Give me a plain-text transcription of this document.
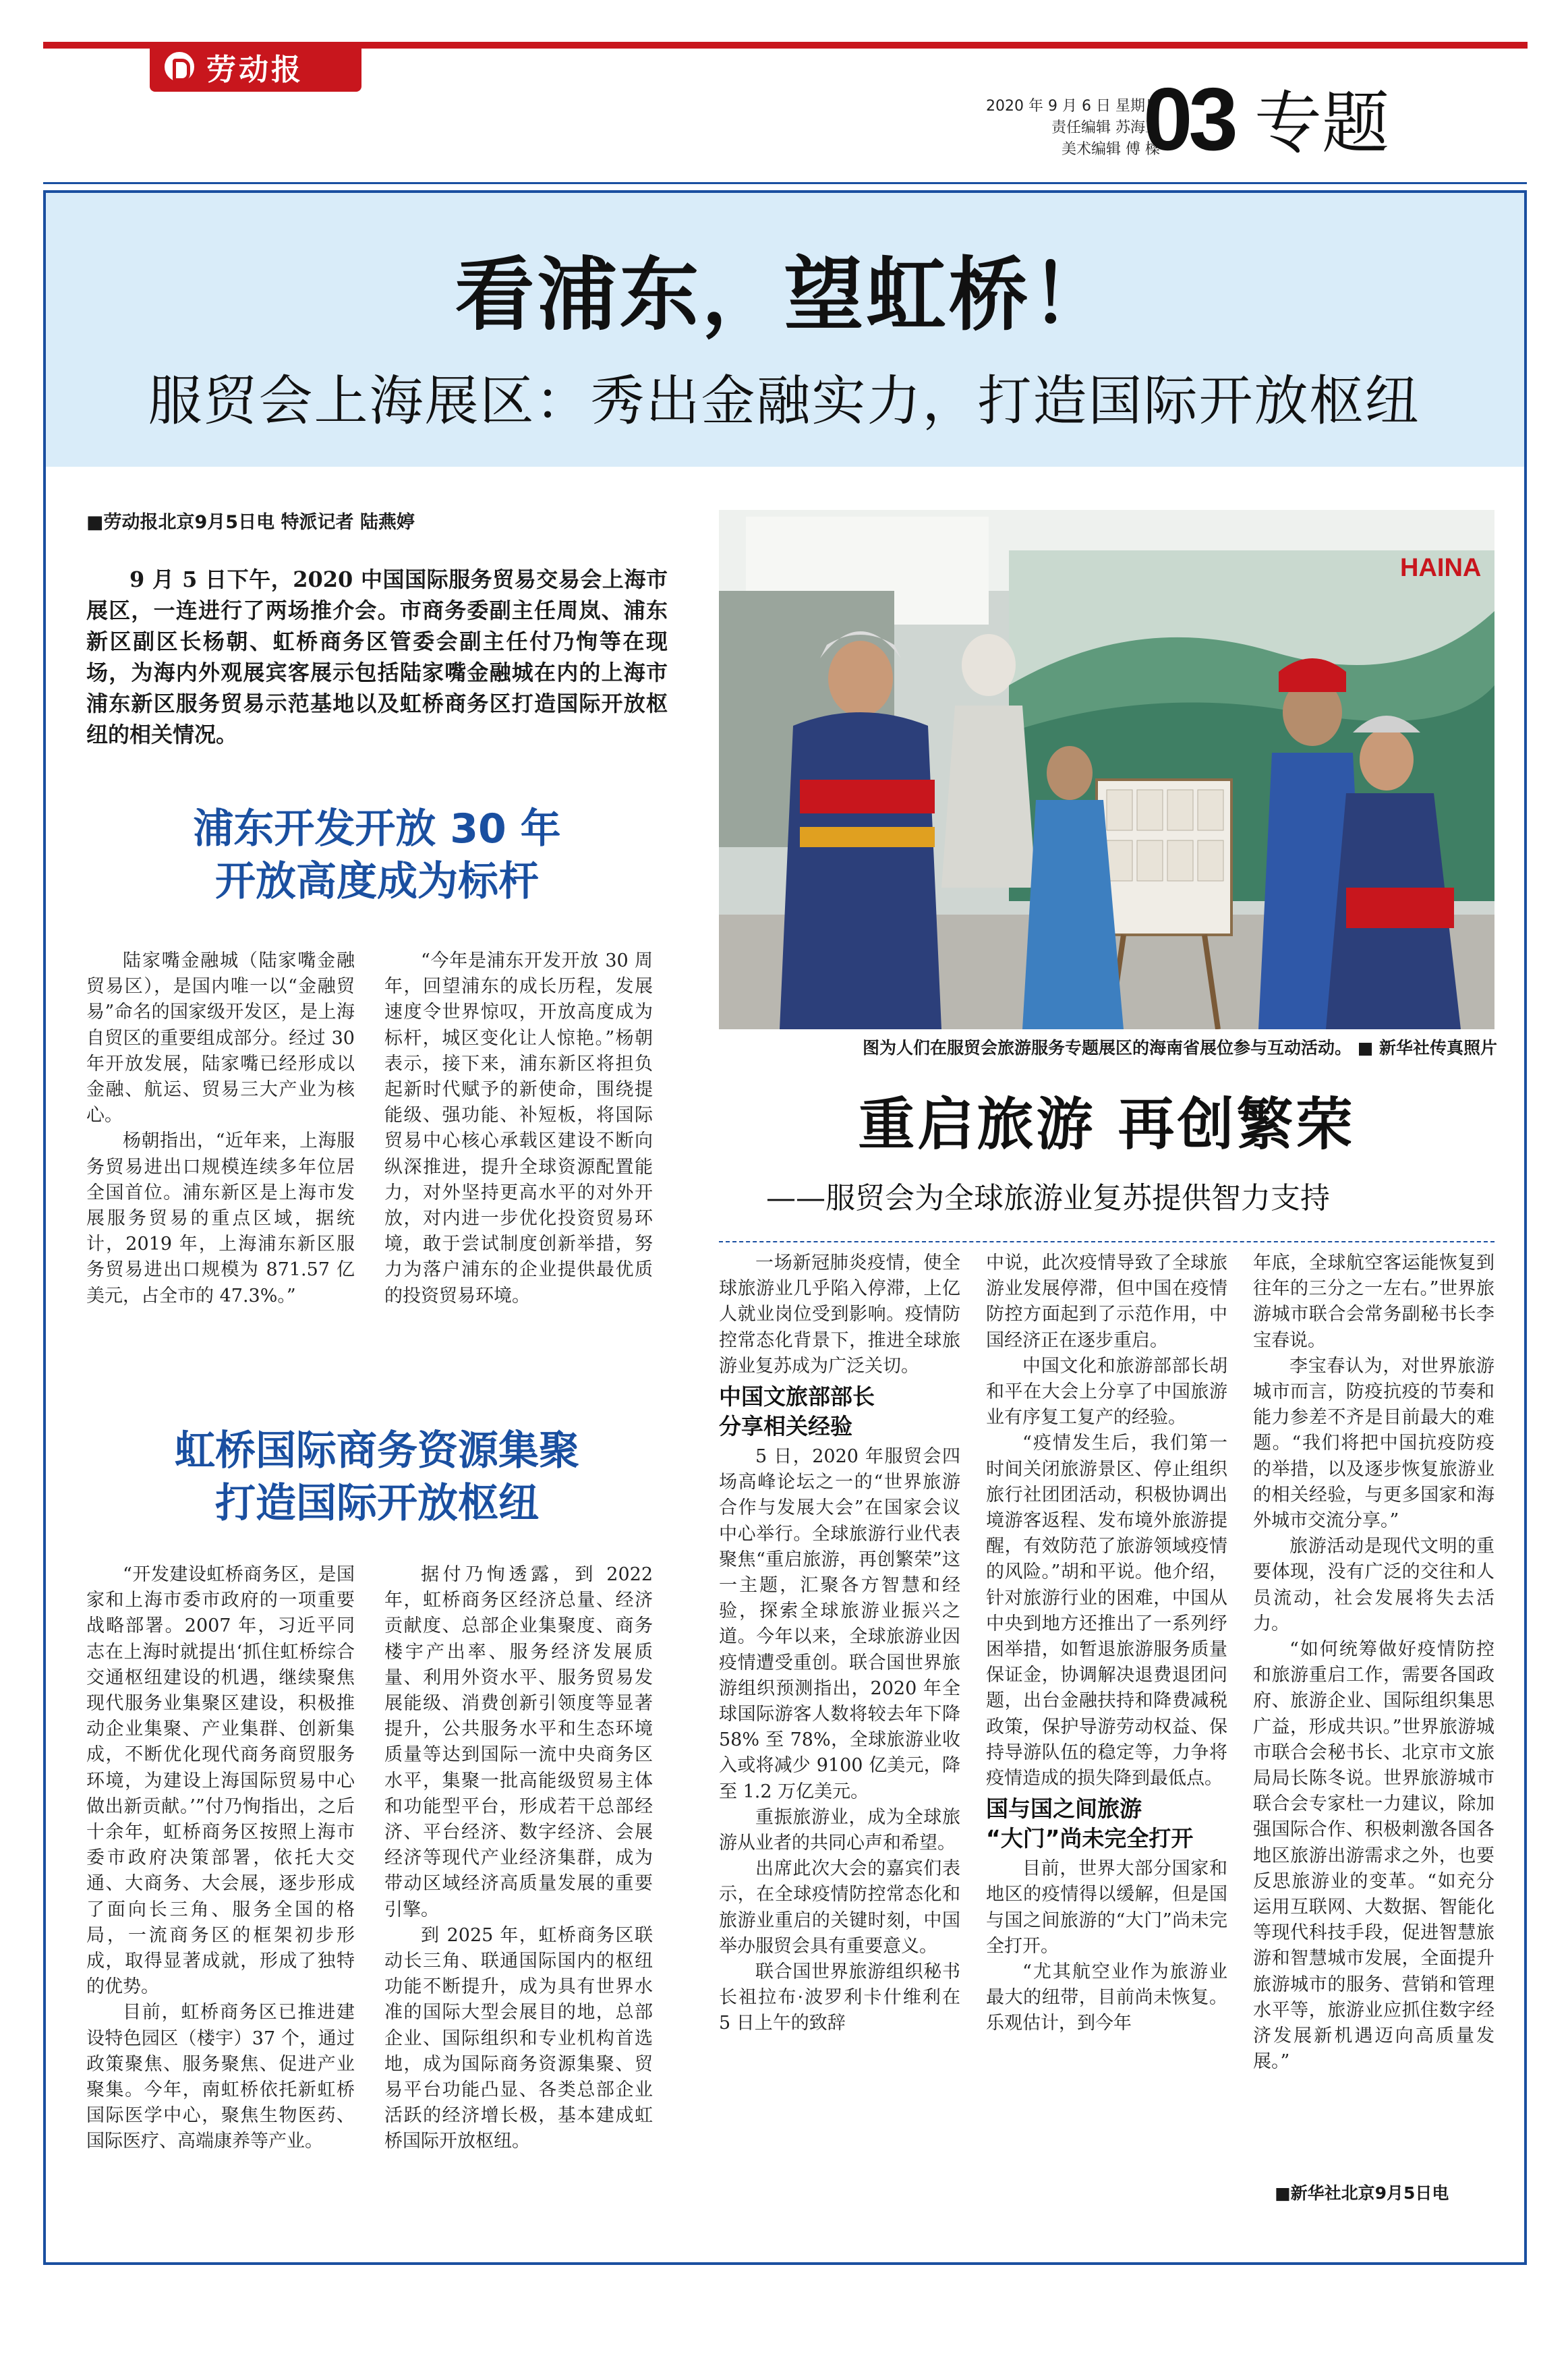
劳动报
2020 年 9 月 6 日 星期日
责任编辑 苏海亚
美术编辑 傅 樑
03 专题
看浦东，望虹桥！
服贸会上海展区：秀出金融实力，打造国际开放枢纽
■劳动报北京9月5日电 特派记者 陆燕婷

9 月 5 日下午，2020 中国国际服务贸易交易会上海市展区，一连进行了两场推介会。市商务委副主任周岚、浦东新区副区长杨朝、虹桥商务区管委会副主任付乃恂等在现场，为海内外观展宾客展示包括陆家嘴金融城在内的上海市浦东新区服务贸易示范基地以及虹桥商务区打造国际开放枢纽的相关情况。

浦东开发开放 30 年
开放高度成为标杆

陆家嘴金融城（陆家嘴金融贸易区），是国内唯一以“金融贸易”命名的国家级开发区，是上海自贸区的重要组成部分。经过 30 年开放发展，陆家嘴已经形成以金融、航运、贸易三大产业为核心。

杨朝指出，“近年来，上海服务贸易进出口规模连续多年位居全国首位。浦东新区是上海市发展服务贸易的重点区域，据统计，2019 年，上海浦东新区服务贸易进出口规模为 871.57 亿美元，占全市的 47.3%。”

“今年是浦东开发开放 30 周年，回望浦东的成长历程，发展速度令世界惊叹，开放高度成为标杆，城区变化让人惊艳。”杨朝表示，接下来，浦东新区将担负起新时代赋予的新使命，围绕提能级、强功能、补短板，将国际贸易中心核心承载区建设不断向纵深推进，提升全球资源配置能力，对外坚持更高水平的对外开放，对内进一步优化投资贸易环境，敢于尝试制度创新举措，努力为落户浦东的企业提供最优质的投资贸易环境。

虹桥国际商务资源集聚
打造国际开放枢纽

“开发建设虹桥商务区，是国家和上海市委市政府的一项重要战略部署。2007 年，习近平同志在上海时就提出‘抓住虹桥综合交通枢纽建设的机遇，继续聚焦现代服务业集聚区建设，积极推动企业集聚、产业集群、创新集成，不断优化现代商务商贸服务环境，为建设上海国际贸易中心做出新贡献。’”付乃恂指出，之后十余年，虹桥商务区按照上海市委市政府决策部署，依托大交通、大商务、大会展，逐步形成了面向长三角、服务全国的格局，一流商务区的框架初步形成，取得显著成就，形成了独特的优势。

目前，虹桥商务区已推进建设特色园区（楼宇）37 个，通过政策聚焦、服务聚焦、促进产业聚集。今年，南虹桥依托新虹桥国际医学中心，聚焦生物医药、国际医疗、高端康养等产业。

据付乃恂透露，到 2022 年，虹桥商务区经济总量、经济贡献度、总部企业集聚度、商务楼宇产出率、服务经济发展质量、利用外资水平、服务贸易发展能级、消费创新引领度等显著提升，公共服务水平和生态环境质量等达到国际一流中央商务区水平，集聚一批高能级贸易主体和功能型平台，形成若干总部经济、平台经济、数字经济、会展经济等现代产业经济集群，成为带动区域经济高质量发展的重要引擎。

到 2025 年，虹桥商务区联动长三角、联通国际国内的枢纽功能不断提升，成为具有世界水准的国际大型会展目的地，总部企业、国际组织和专业机构首选地，成为国际商务资源集聚、贸易平台功能凸显、各类总部企业活跃的经济增长极，基本建成虹桥国际开放枢纽。

HAINA
图为人们在服贸会旅游服务专题展区的海南省展位参与互动活动。 ■ 新华社传真照片
重启旅游 再创繁荣
——服贸会为全球旅游业复苏提供智力支持

一场新冠肺炎疫情，使全球旅游业几乎陷入停滞，上亿人就业岗位受到影响。疫情防控常态化背景下，推进全球旅游业复苏成为广泛关切。

中国文旅部部长
分享相关经验

5 日，2020 年服贸会四场高峰论坛之一的“世界旅游合作与发展大会”在国家会议中心举行。全球旅游行业代表聚焦“重启旅游，再创繁荣”这一主题，汇聚各方智慧和经验，探索全球旅游业振兴之道。今年以来，全球旅游业因疫情遭受重创。联合国世界旅游组织预测指出，2020 年全球国际游客人数将较去年下降 58% 至 78%，全球旅游业收入或将减少 9100 亿美元，降至 1.2 万亿美元。

重振旅游业，成为全球旅游从业者的共同心声和希望。

出席此次大会的嘉宾们表示，在全球疫情防控常态化和旅游业重启的关键时刻，中国举办服贸会具有重要意义。

联合国世界旅游组织秘书长祖拉布·波罗利卡什维利在 5 日上午的致辞

中说，此次疫情导致了全球旅游业发展停滞，但中国在疫情防控方面起到了示范作用，中国经济正在逐步重启。

中国文化和旅游部部长胡和平在大会上分享了中国旅游业有序复工复产的经验。

“疫情发生后，我们第一时间关闭旅游景区、停止组织旅行社团团活动，积极协调出境游客返程、发布境外旅游提醒，有效防范了旅游领域疫情的风险。”胡和平说。他介绍，针对旅游行业的困难，中国从中央到地方还推出了一系列纾困举措，如暂退旅游服务质量保证金，协调解决退费退团问题，出台金融扶持和降费减税政策，保护导游劳动权益、保持导游队伍的稳定等，力争将疫情造成的损失降到最低点。

国与国之间旅游
“大门”尚未完全打开

目前，世界大部分国家和地区的疫情得以缓解，但是国与国之间旅游的“大门”尚未完全打开。

“尤其航空业作为旅游业最大的纽带，目前尚未恢复。乐观估计，到今年

年底，全球航空客运能恢复到往年的三分之一左右。”世界旅游城市联合会常务副秘书长李宝春说。

李宝春认为，对世界旅游城市而言，防疫抗疫的节奏和能力参差不齐是目前最大的难题。“我们将把中国抗疫防疫的举措，以及逐步恢复旅游业的相关经验，与更多国家和海外城市交流分享。”

旅游活动是现代文明的重要体现，没有广泛的交往和人员流动，社会发展将失去活力。

“如何统筹做好疫情防控和旅游重启工作，需要各国政府、旅游企业、国际组织集思广益，形成共识。”世界旅游城市联合会秘书长、北京市文旅局局长陈冬说。世界旅游城市联合会专家杜一力建议，除加强国际合作、积极刺激各国各地区旅游出游需求之外，也要反思旅游业的变革。“如充分运用互联网、大数据、智能化等现代科技手段，促进智慧旅游和智慧城市发展，全面提升旅游城市的服务、营销和管理水平等，旅游业应抓住数字经济发展新机遇迈向高质量发展。”

■新华社北京9月5日电
